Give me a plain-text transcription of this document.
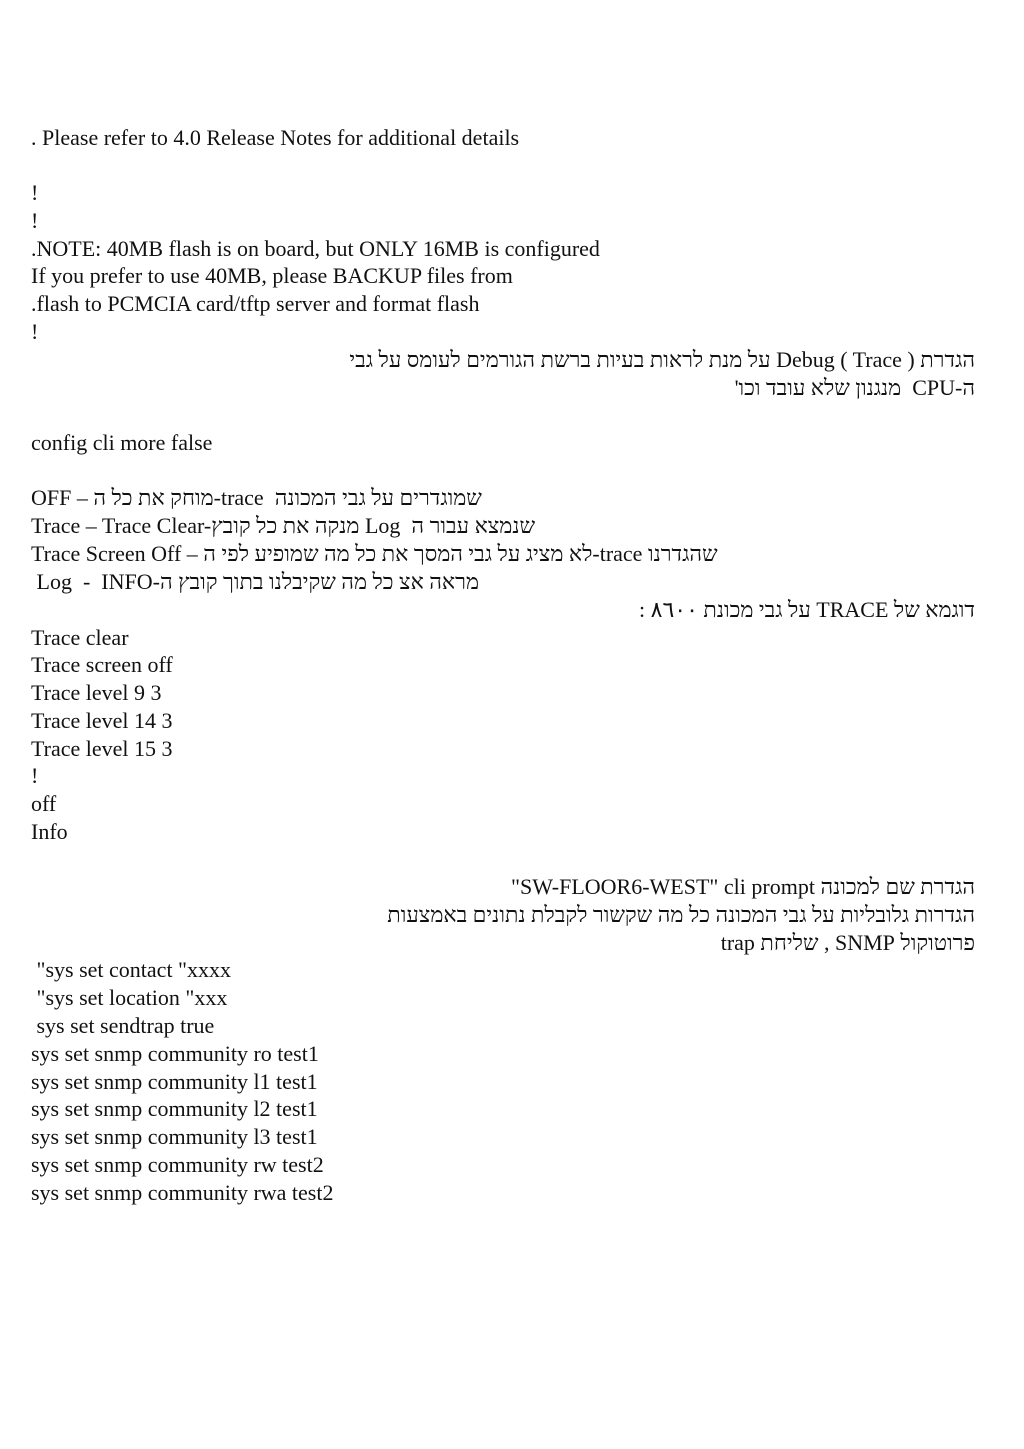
. Please refer to 4.0 Release Notes for additional details
!
!
.NOTE: 40MB flash is on board, but ONLY 16MB is configured
If you prefer to use 40MB, please BACKUP files from
.flash to PCMCIA card/tftp server and format flash
!
הגדרת Debug ( Trace ) על מנת לראות בעיות ברשת הגורמים לעומס על גבי
ה-CPU  מנגנון שלא עובד וכו'
config cli more false
OFF – מוחק את כל ה-trace  שמוגדרים על גבי המכונה
Trace – Trace Clear-מנקה את כל קובץ Log  שנמצא עבור ה
Trace Screen Off – לא מציג על גבי המסך את כל מה שמופיע לפי ה-trace שהגדרנו
Log  -  INFO-מראה אצ כל מה שקיבלנו בתוך קובץ ה
דוגמא של TRACE על גבי מכונת ٨٦٠٠ :
Trace clear
Trace screen off
Trace level 9 3
Trace level 14 3
Trace level 15 3
!
off
Info
הגדרת שם למכונה SW-FLOOR6-WEST" cli prompt"
הגדרות גלובליות על גבי המכונה כל מה שקשור לקבלת נתונים באמצעות
פרוטוקול SNMP , שליחת trap
"sys set contact "xxxx
"sys set location "xxx
sys set sendtrap true
sys set snmp community ro test1
sys set snmp community l1 test1
sys set snmp community l2 test1
sys set snmp community l3 test1
sys set snmp community rw test2
sys set snmp community rwa test2
